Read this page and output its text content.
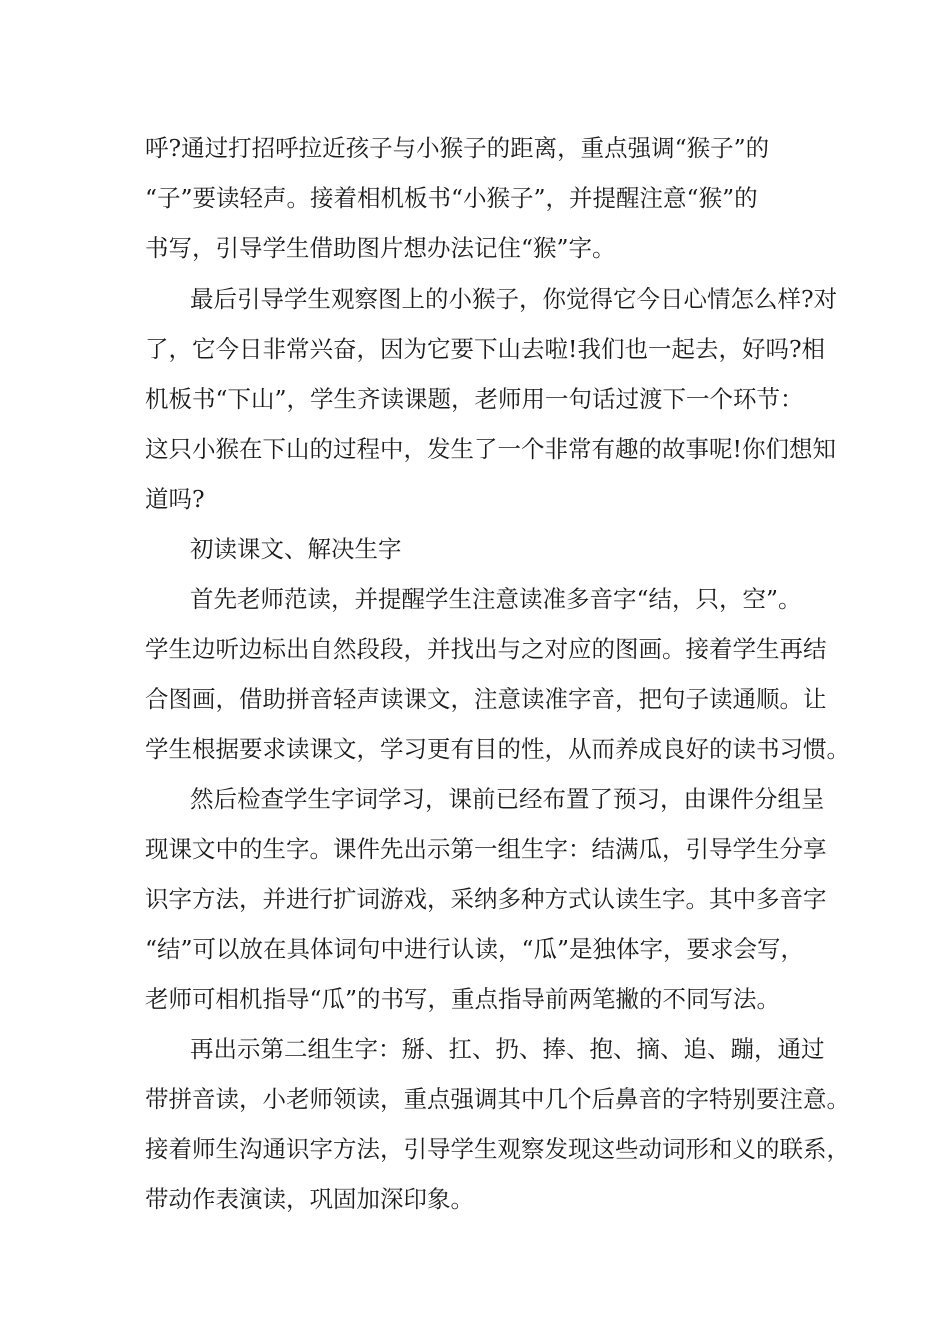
呼?通过打招呼拉近孩子与小猴子的距离，重点强调“猴子”的

“子”要读轻声。接着相机板书“小猴子”，并提醒注意“猴”的

书写，引导学生借助图片想办法记住“猴”字。

最后引导学生观察图上的小猴子，你觉得它今日心情怎么样?对

了，它今日非常兴奋，因为它要下山去啦!我们也一起去，好吗?相

机板书“下山”，学生齐读课题，老师用一句话过渡下一个环节：

这只小猴在下山的过程中，发生了一个非常有趣的故事呢!你们想知

道吗?

初读课文、解决生字

首先老师范读，并提醒学生注意读准多音字“结，只，空”。

学生边听边标出自然段段，并找出与之对应的图画。接着学生再结

合图画，借助拼音轻声读课文，注意读准字音，把句子读通顺。让

学生根据要求读课文，学习更有目的性，从而养成良好的读书习惯。

然后检查学生字词学习，课前已经布置了预习，由课件分组呈

现课文中的生字。课件先出示第一组生字：结满瓜，引导学生分享

识字方法，并进行扩词游戏，采纳多种方式认读生字。其中多音字

“结”可以放在具体词句中进行认读，“瓜”是独体字，要求会写，

老师可相机指导“瓜”的书写，重点指导前两笔撇的不同写法。

再出示第二组生字：掰、扛、扔、捧、抱、摘、追、蹦，通过

带拼音读，小老师领读，重点强调其中几个后鼻音的字特别要注意。

接着师生沟通识字方法，引导学生观察发现这些动词形和义的联系，

带动作表演读，巩固加深印象。
